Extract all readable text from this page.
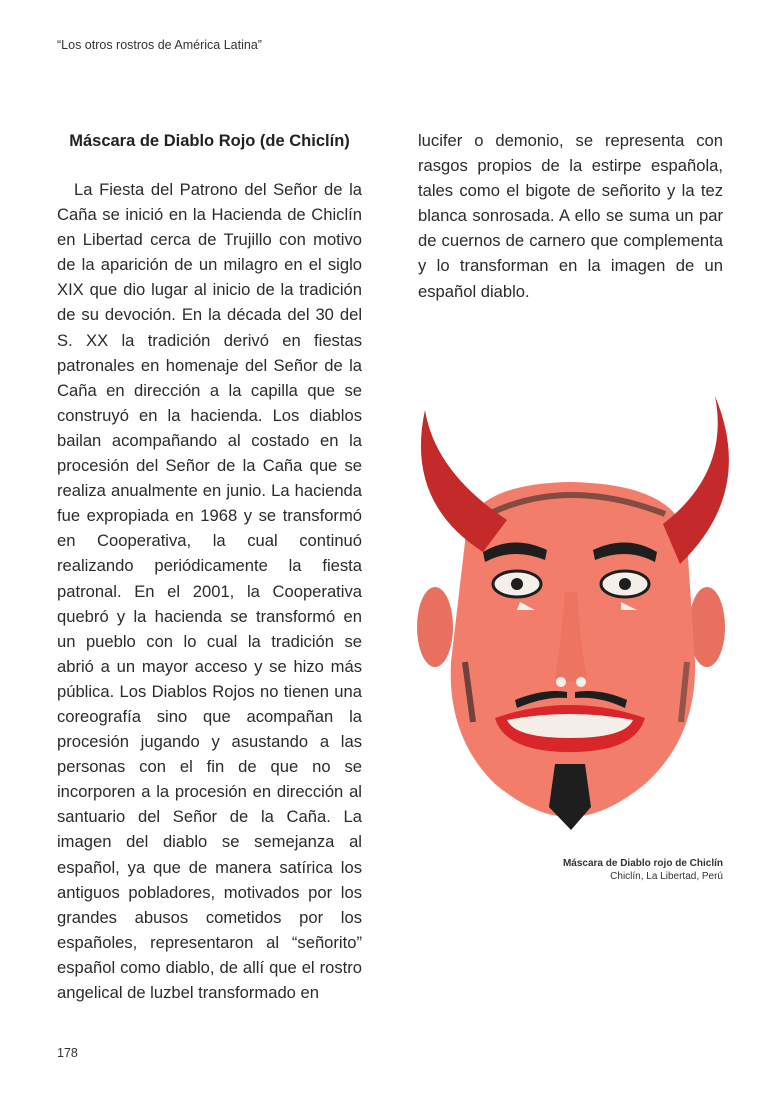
“Los otros rostros de América Latina”
Máscara de Diablo Rojo (de Chiclín)

La Fiesta del Patrono del Señor de la Caña se inició en la Hacienda de Chiclín en Libertad cerca de Trujillo con motivo de la aparición de un milagro en el siglo XIX que dio lugar al inicio de la tradición de su devoción. En la década del 30 del S. XX la tradición derivó en fiestas patronales en homenaje del Señor de la Caña en dirección a la capilla que se construyó en la hacienda. Los diablos bailan acompañando al costado en la procesión del Señor de la Caña que se realiza anualmente en junio. La hacienda fue expropiada en 1968 y se transformó en Cooperativa, la cual continuó realizando periódicamente la fiesta patronal. En el 2001, la Cooperativa quebró y la hacienda se transformó en un pueblo con lo cual la tradición se abrió a un mayor acceso y se hizo más pública. Los Diablos Rojos no tienen una coreografía sino que acompañan la procesión jugando y asustando a las personas con el fin de que no se incorporen a la procesión en dirección al santuario del Señor de la Caña. La imagen del diablo se semejanza al español, ya que de manera satírica los antiguos pobladores, motivados por los grandes abusos cometidos por los españoles, representaron al “señorito” español como diablo, de allí que el rostro angelical de luzbel transformado en

lucifer o demonio, se representa con rasgos propios de la estirpe española, tales como el bigote de señorito y la tez blanca sonrosada. A ello se suma un par de cuernos de carnero que complementa y lo transforman en la imagen de un español diablo.

Máscara de Diablo rojo de Chiclín
Chiclín, La Libertad, Perú
178
